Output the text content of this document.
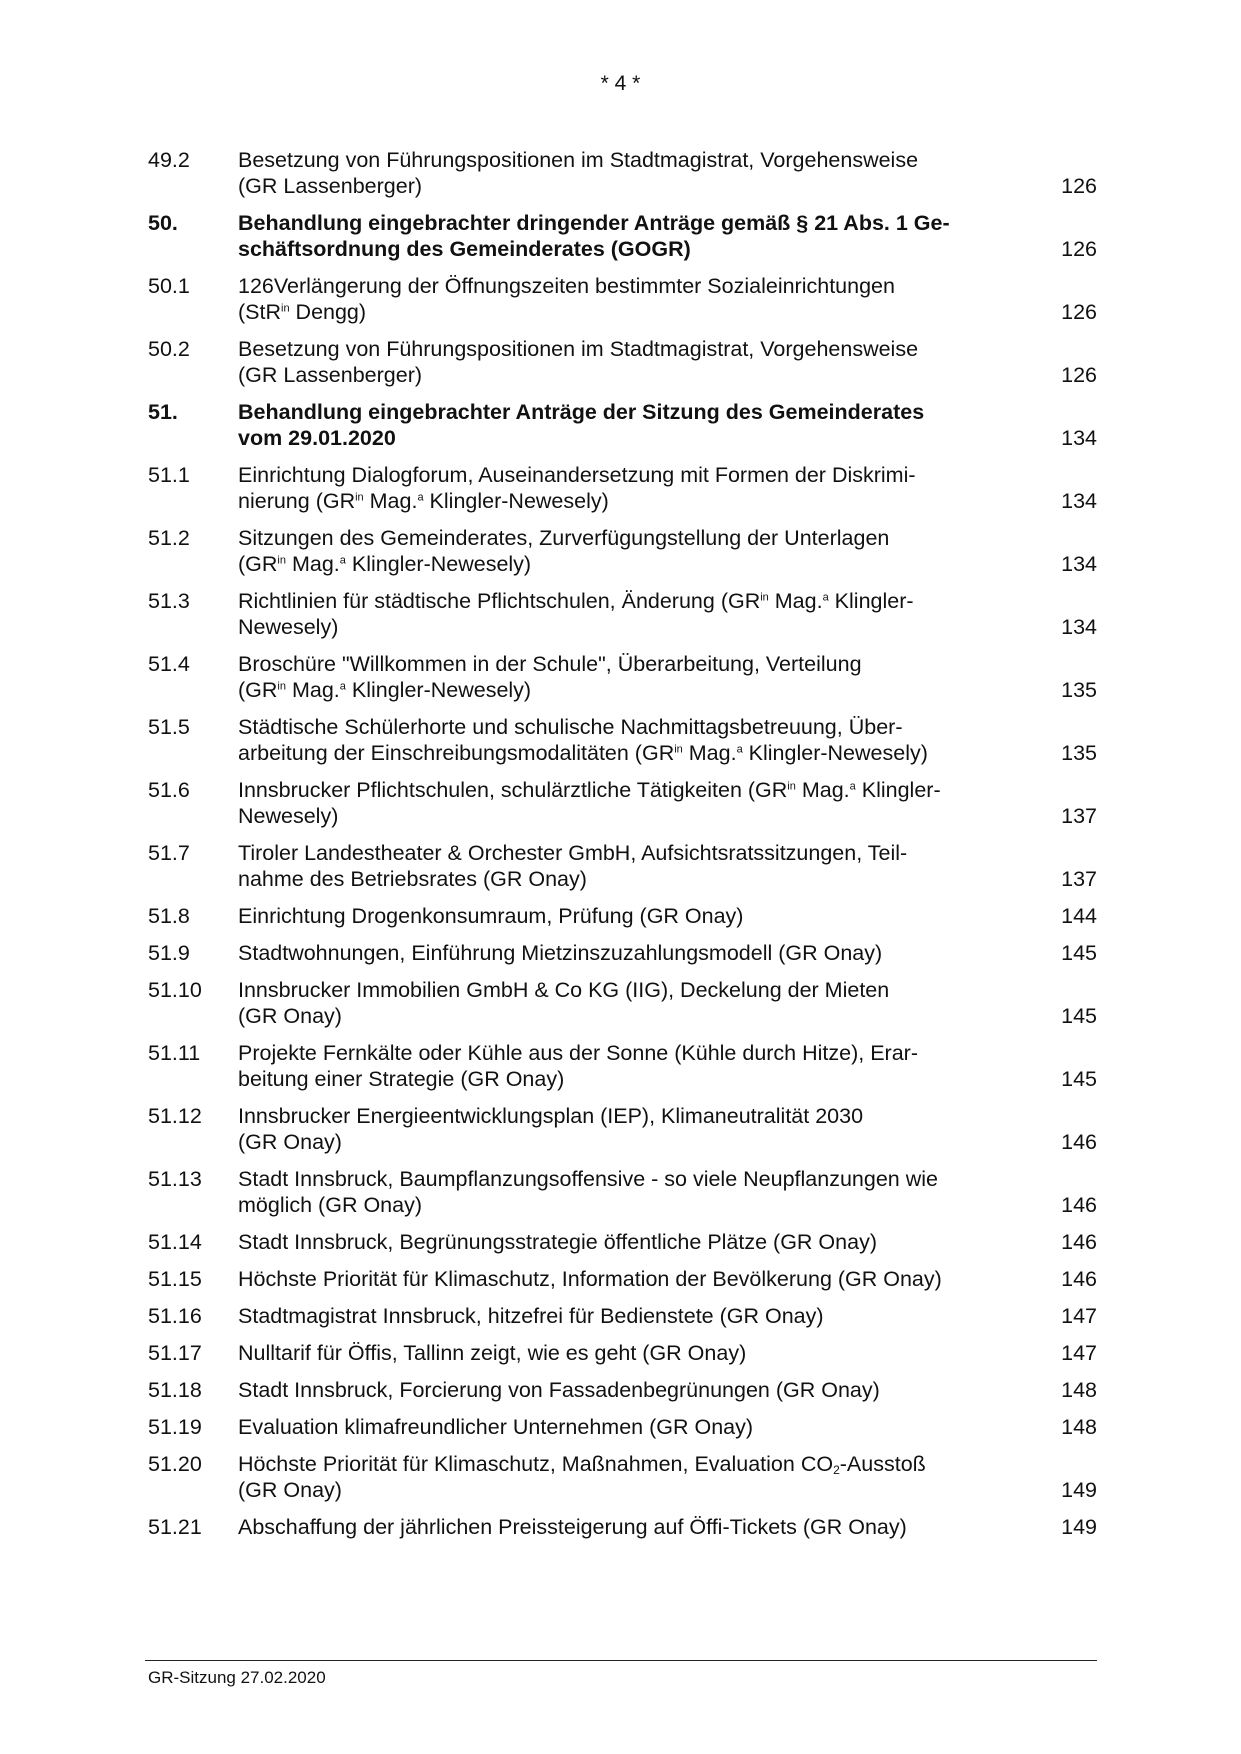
* 4 *
49.2	Besetzung von Führungspositionen im Stadtmagistrat, Vorgehensweise
(GR Lassenberger)	126
50.	Behandlung eingebrachter dringender Anträge gemäß § 21 Abs. 1 Ge-
schäftsordnung des Gemeinderates (GOGR)	126
50.1	126Verlängerung der Öffnungszeiten bestimmter Sozialeinrichtungen
(StR$^{in}$ Dengg)	126
50.2	Besetzung von Führungspositionen im Stadtmagistrat, Vorgehensweise
(GR Lassenberger)	126
51.	Behandlung eingebrachter Anträge der Sitzung des Gemeinderates
vom 29.01.2020	134
51.1	Einrichtung Dialogforum, Auseinandersetzung mit Formen der Diskrimi-
nierung ($GR^{in}$ Mag.$^a$ Klingler-Newesely)	134
51.2	Sitzungen des Gemeinderates, Zurverfügungstellung der Unterlagen
($GR^{in}$ Mag.$^a$ Klingler-Newesely)	134
51.3	Richtlinien für städtische Pflichtschulen, Änderung ($GR^{in}$ Mag.$^a$ Klingler-
Newesely)	134
51.4	Broschüre "Willkommen in der Schule", Überarbeitung, Verteilung
($GR^{in}$ Mag.$^a$ Klingler-Newesely)	135
51.5	Städtische Schülerhorte und schulische Nachmittagsbetreuung, Über-
arbeitung der Einschreibungsmodalitäten ($GR^{in}$ Mag.$^a$ Klingler-Newesely)	135
51.6	Innsbrucker Pflichtschulen, schulärztliche Tätigkeiten ($GR^{in}$ Mag.$^a$ Klingler-
Newesely)	137
51.7	Tiroler Landestheater & Orchester GmbH, Aufsichtsratssitzungen, Teil-
nahme des Betriebsrates (GR Onay)	137
51.8	Einrichtung Drogenkonsumraum, Prüfung (GR Onay)	144
51.9	Stadtwohnungen, Einführung Mietzinszuzahlungsmodell (GR Onay)	145
51.10	Innsbrucker Immobilien GmbH & Co KG (IIG), Deckelung der Mieten
(GR Onay)	145
51.11	Projekte Fernkälte oder Kühle aus der Sonne (Kühle durch Hitze), Erar-
beitung einer Strategie (GR Onay)	145
51.12	Innsbrucker Energieentwicklungsplan (IEP), Klimaneutralität 2030
(GR Onay)	146
51.13	Stadt Innsbruck, Baumpflanzungsoffensive - so viele Neupflanzungen wie
möglich (GR Onay)	146
51.14	Stadt Innsbruck, Begrünungsstrategie öffentliche Plätze (GR Onay)	146
51.15	Höchste Priorität für Klimaschutz, Information der Bevölkerung (GR Onay)	146
51.16	Stadtmagistrat Innsbruck, hitzefrei für Bedienstete (GR Onay)	147
51.17	Nulltarif für Öffis, Tallinn zeigt, wie es geht (GR Onay)	147
51.18	Stadt Innsbruck, Forcierung von Fassadenbegrünungen (GR Onay)	148
51.19	Evaluation klimafreundlicher Unternehmen (GR Onay)	148
51.20	Höchste Priorität für Klimaschutz, Maßnahmen, Evaluation $CO_2$-Ausstoß
(GR Onay)	149
51.21	Abschaffung der jährlichen Preissteigerung auf Öffi-Tickets (GR Onay)	149
GR-Sitzung 27.02.2020
